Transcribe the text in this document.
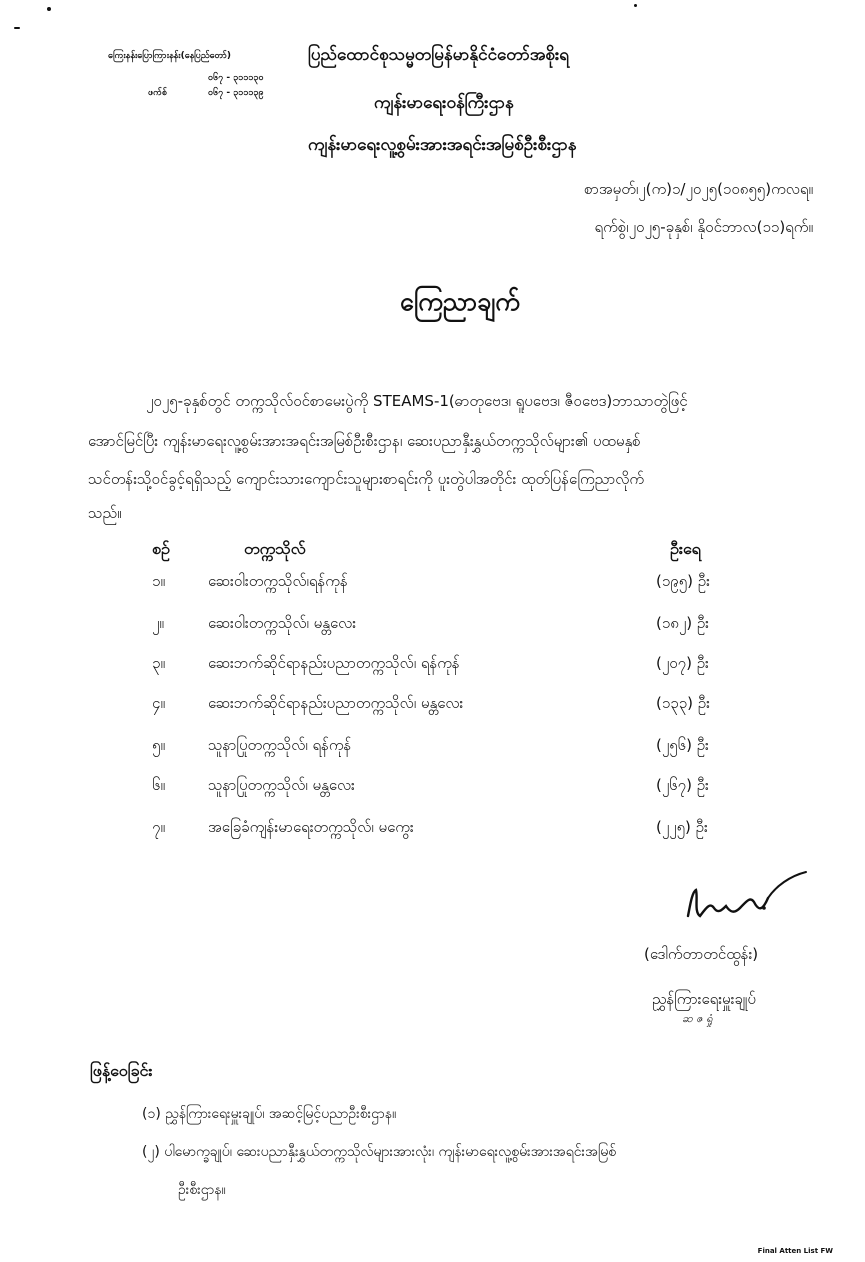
ကြေးနန်းပြောကြားနန်း(နေပြည်တော်)
၀၆၇ - ၃၁၁၁၃၀
ဖက်စ်	၀၆၇ - ၃၁၁၁၃၉
ပြည်ထောင်စုသမ္မတမြန်မာနိုင်ငံတော်အစိုးရ
ကျန်းမာရေးဝန်ကြီးဌာန
ကျန်းမာရေးလူ့စွမ်းအားအရင်းအမြစ်ဦးစီးဌာန
စာအမှတ်၊၂(က)၁/၂၀၂၅(၁၀၈၅၅)ကလရ။
ရက်စွဲ၊၂၀၂၅-ခုနှစ်၊ နိုဝင်ဘာလ(၁၁)ရက်။
ကြေညာချက်
၂၀၂၅-ခုနှစ်တွင် တက္ကသိုလ်ဝင်စာမေးပွဲကို STEAMS-1(ဓာတုဗေဒ၊ ရူပဗေဒ၊ ဇီဝဗေဒ)ဘာသာတွဲဖြင့်
အောင်မြင်ပြီး ကျန်းမာရေးလူ့စွမ်းအားအရင်းအမြစ်ဦးစီးဌာန၊ ဆေးပညာနှီးနွှယ်တက္ကသိုလ်များ၏ ပထမနှစ်
သင်တန်းသို့ဝင်ခွင့်ရရှိသည့် ကျောင်းသားကျောင်းသူများစာရင်းကို ပူးတွဲပါအတိုင်း ထုတ်ပြန်ကြေညာလိုက်
သည်။
စဉ်	တက္ကသိုလ်	ဦးရေ
၁။	ဆေးဝါးတက္ကသိုလ်၊ရန်ကုန်	(၁၉၅) ဦး
၂။	ဆေးဝါးတက္ကသိုလ်၊ မန္တလေး	(၁၈၂) ဦး
၃။	ဆေးဘက်ဆိုင်ရာနည်းပညာတက္ကသိုလ်၊ ရန်ကုန်	(၂၀၇) ဦး
၄။	ဆေးဘက်ဆိုင်ရာနည်းပညာတက္ကသိုလ်၊ မန္တလေး	(၁၃၃) ဦး
၅။	သူနာပြုတက္ကသိုလ်၊ ရန်ကုန်	(၂၅၆) ဦး
၆။	သူနာပြုတက္ကသိုလ်၊ မန္တလေး	(၂၆၇) ဦး
၇။	အခြေခံကျန်းမာရေးတက္ကသိုလ်၊ မကွေး	(၂၂၅) ဦး
(ဒေါက်တာတင်ထွန်း)
ညွှန်ကြားရေးမှူးချုပ်
ဆ ဇ ရှုံ
ဖြန့်ဝေခြင်း
(၁) ညွှန်ကြားရေးမှူးချုပ်၊ အဆင့်မြင့်ပညာဦးစီးဌာန။
(၂) ပါမောက္ခချုပ်၊ ဆေးပညာနှီးနွှယ်တက္ကသိုလ်များအားလုံး၊ ကျန်းမာရေးလူ့စွမ်းအားအရင်းအမြစ်
ဦးစီးဌာန။
Final Atten List FW
